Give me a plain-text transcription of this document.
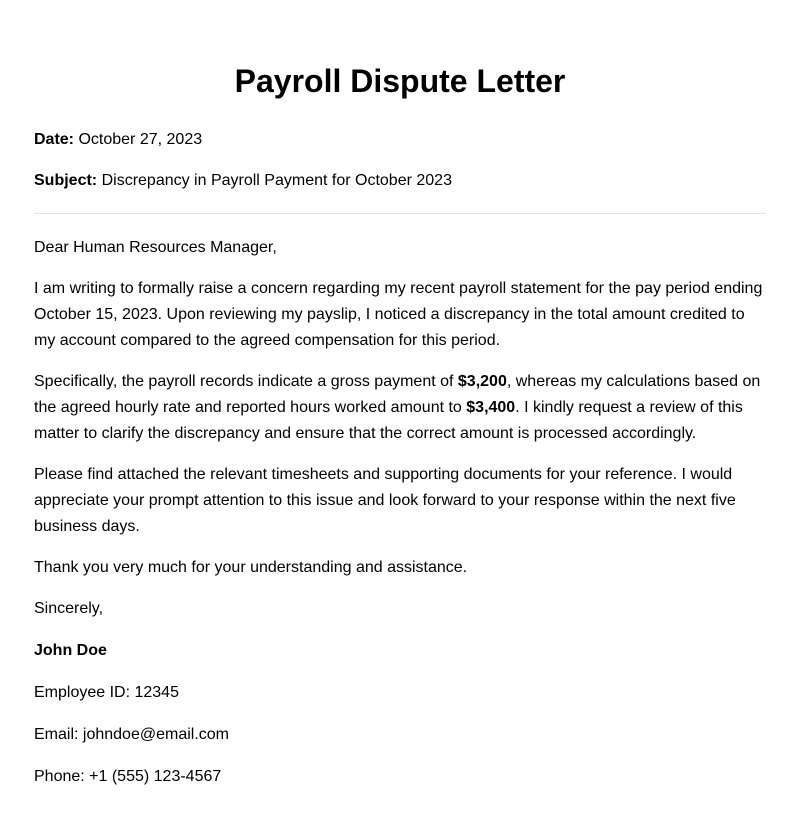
Payroll Dispute Letter

Date: October 27, 2023

Subject: Discrepancy in Payroll Payment for October 2023

Dear Human Resources Manager,

I am writing to formally raise a concern regarding my recent payroll statement for the pay period ending October 15, 2023. Upon reviewing my payslip, I noticed a discrepancy in the total amount credited to my account compared to the agreed compensation for this period.

Specifically, the payroll records indicate a gross payment of $3,200, whereas my calculations based on the agreed hourly rate and reported hours worked amount to $3,400. I kindly request a review of this matter to clarify the discrepancy and ensure that the correct amount is processed accordingly.

Please find attached the relevant timesheets and supporting documents for your reference. I would appreciate your prompt attention to this issue and look forward to your response within the next five business days.

Thank you very much for your understanding and assistance.

Sincerely,

John Doe

Employee ID: 12345

Email: johndoe@email.com

Phone: +1 (555) 123-4567
